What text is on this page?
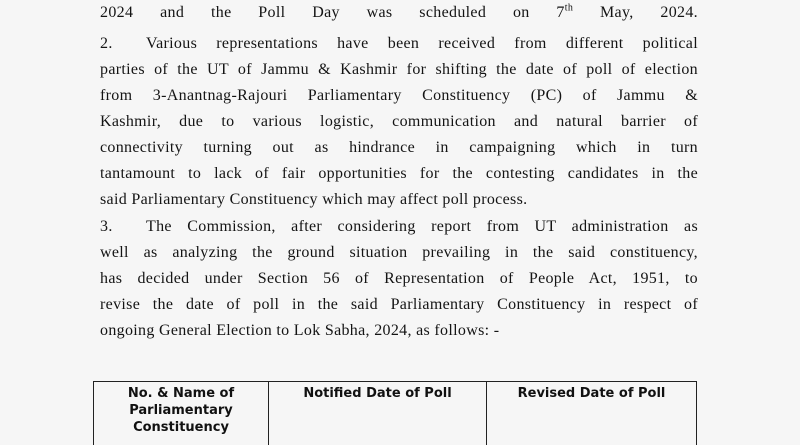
2024 and the Poll Day was scheduled on 7th May, 2024.
2. Various representations have been received from different political
parties of the UT of Jammu & Kashmir for shifting the date of poll of election
from 3-Anantnag-Rajouri Parliamentary Constituency (PC) of Jammu &
Kashmir, due to various logistic, communication and natural barrier of
connectivity turning out as hindrance in campaigning which in turn
tantamount to lack of fair opportunities for the contesting candidates in the
said Parliamentary Constituency which may affect poll process.
3. The Commission, after considering report from UT administration as
well as analyzing the ground situation prevailing in the said constituency,
has decided under Section 56 of Representation of People Act, 1951, to
revise the date of poll in the said Parliamentary Constituency in respect of
ongoing General Election to Lok Sabha, 2024, as follows: -
No. & Name of Parliamentary Constituency	Notified Date of Poll	Revised Date of Poll
